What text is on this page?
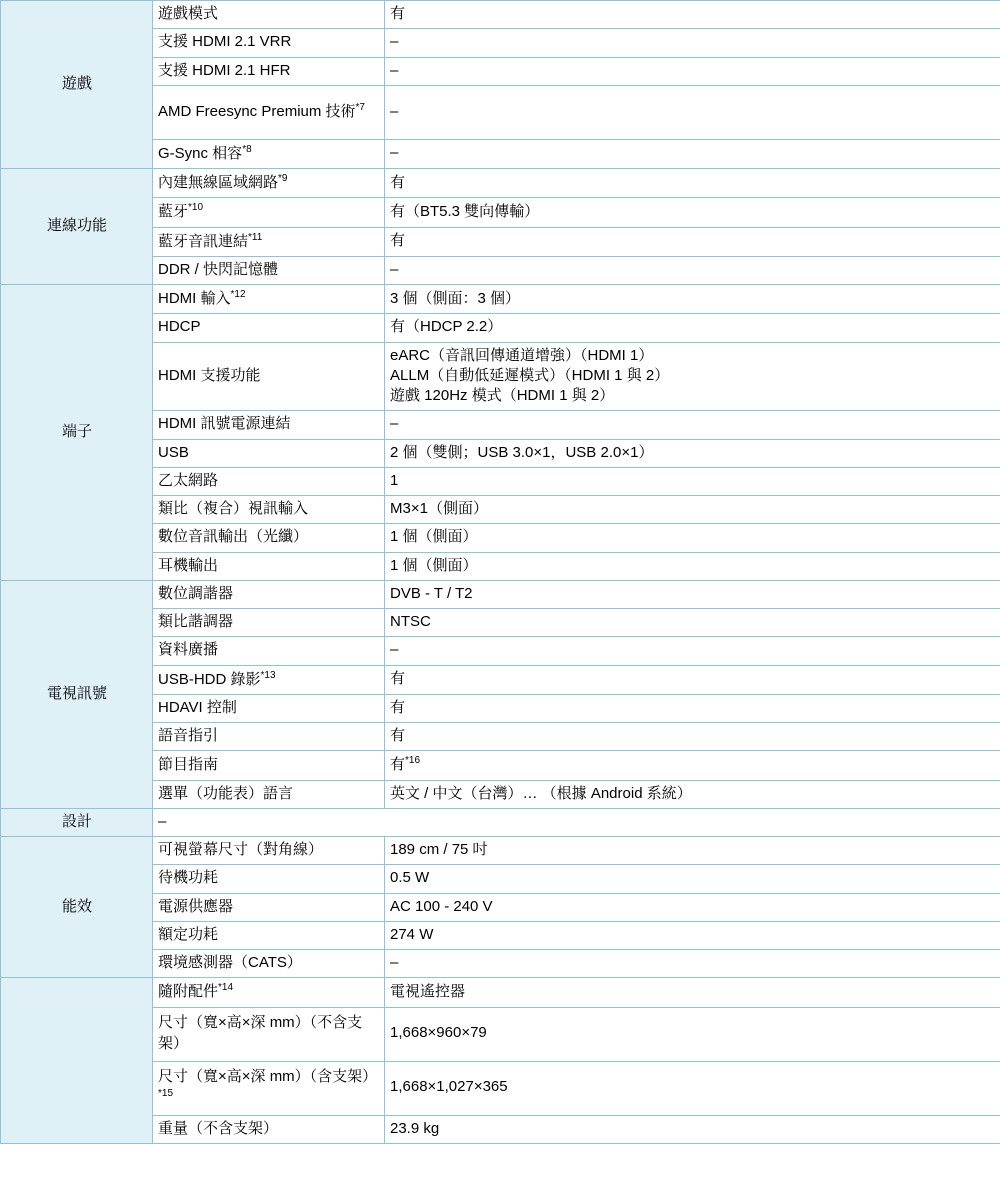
遊戲	遊戲模式	有
	支援 HDMI 2.1 VRR	–
	支援 HDMI 2.1 HFR	–
	AMD Freesync Premium 技術$^{*7}$	–
	G-Sync 相容$^{*8}$	–
連線功能	內建無線區域網路$^{*9}$	有
	藍牙$^{*10}$	有（BT5.3 雙向傳輸）
	藍牙音訊連結$^{*11}$	有
	DDR / 快閃記憶體	–
端子	HDMI 輸入$^{*12}$	3 個（側面：3 個）
	HDCP	有（HDCP 2.2）
	HDMI 支援功能	eARC（音訊回傳通道增強）（HDMI 1）
ALLM（自動低延遲模式）（HDMI 1 與 2）
遊戲 120Hz 模式（HDMI 1 與 2）

	HDMI 訊號電源連結	–
	USB	2 個（雙側；USB 3.0×1，USB 2.0×1）
	乙太網路	1
	類比（複合）視訊輸入	M3×1（側面）
	數位音訊輸出（光纖）	1 個（側面）
	耳機輸出	1 個（側面）
電視訊號	數位調諧器	DVB - T / T2
	類比諧調器	NTSC
	資料廣播	–
	USB-HDD 錄影$^{*13}$	有
	HDAVI 控制	有
	語音指引	有
	節目指南	有$^{*16}$
	選單（功能表）語言	英文 / 中文（台灣）… （根據 Android 系統）
設計	–	
能效	可視螢幕尺寸（對角線）	189 cm / 75 吋
	待機功耗	0.5 W
	電源供應器	AC 100 - 240 V
	額定功耗	274 W
	環境感測器（CATS）	–
	隨附配件$^{*14}$	電視遙控器
	尺寸（寬×高×深 mm）（不含支架）	1,668×960×79
	尺寸（寬×高×深 mm）（含支架）$^{*15}$	1,668×1,027×365
	重量（不含支架）	23.9 kg
